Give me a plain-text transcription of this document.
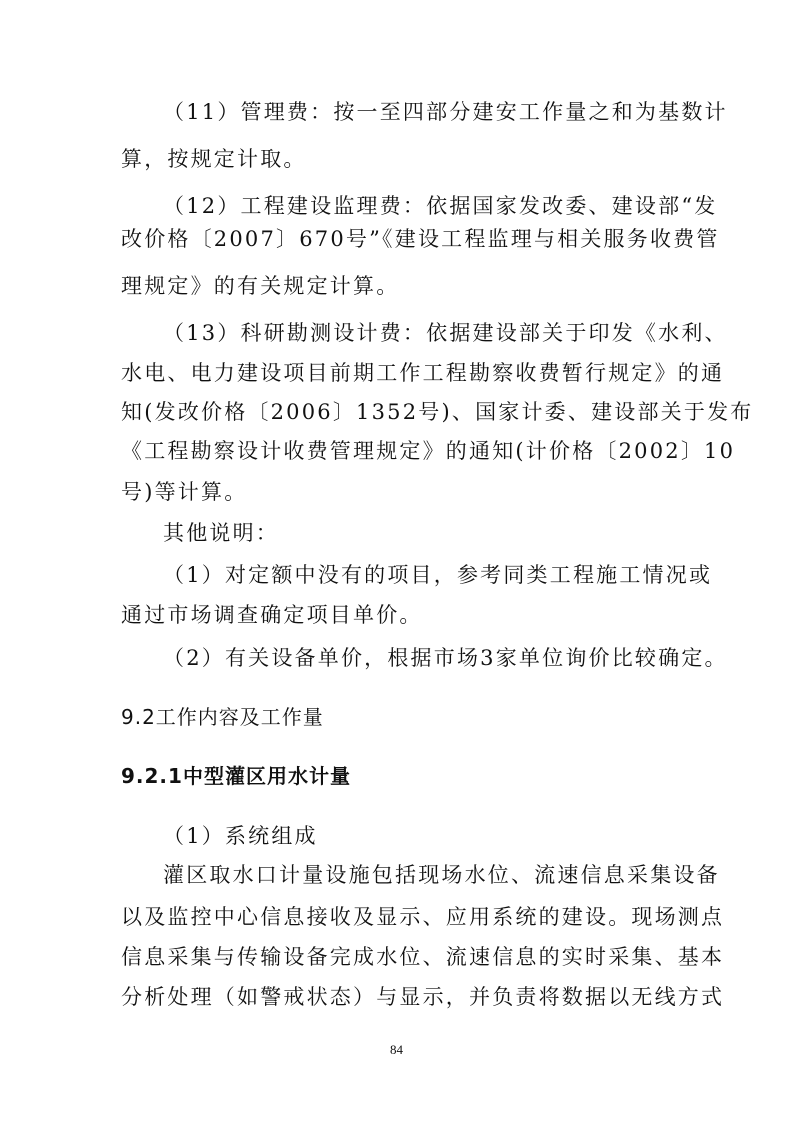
（11）管理费：按一至四部分建安工作量之和为基数计
算，按规定计取。
（12）工程建设监理费：依据国家发改委、建设部“发
改价格〔2007〕670号”《建设工程监理与相关服务收费管
理规定》的有关规定计算。
（13）科研勘测设计费：依据建设部关于印发《水利、
水电、电力建设项目前期工作工程勘察收费暂行规定》的通
知(发改价格〔2006〕1352号)、国家计委、建设部关于发布
《工程勘察设计收费管理规定》的通知(计价格〔2002〕10
号)等计算。
其他说明：
（1）对定额中没有的项目，参考同类工程施工情况或
通过市场调查确定项目单价。
（2）有关设备单价，根据市场3家单位询价比较确定。
9.2工作内容及工作量
9.2.1中型灌区用水计量
（1）系统组成
灌区取水口计量设施包括现场水位、流速信息采集设备
以及监控中心信息接收及显示、应用系统的建设。现场测点
信息采集与传输设备完成水位、流速信息的实时采集、基本
分析处理（如警戒状态）与显示，并负责将数据以无线方式
84
